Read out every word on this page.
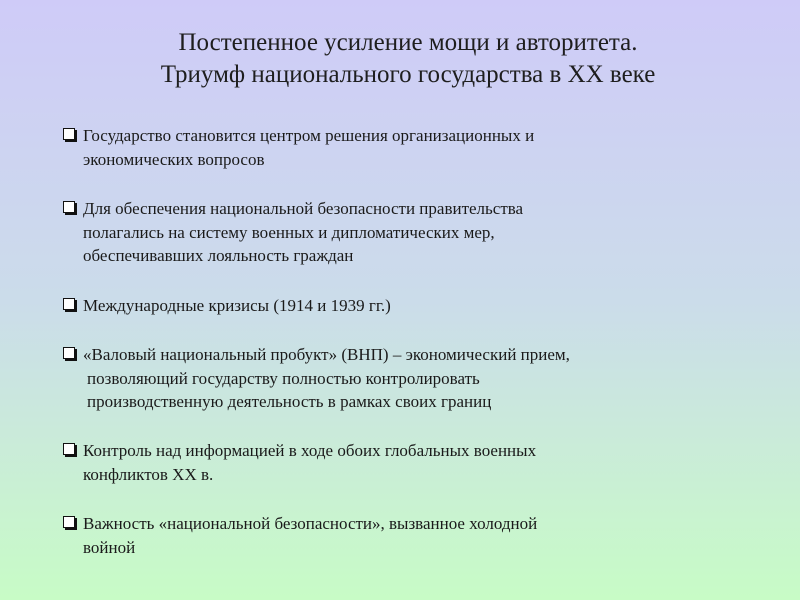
Постепенное усиление мощи и авторитета.
Триумф национального государства в ХХ веке
Государство становится центром решения организационных и
экономических вопросов
Для обеспечения национальной безопасности правительства
полагались на систему военных и дипломатических мер,
обеспечивавших лояльность граждан
Международные кризисы (1914 и 1939 гг.)
«Валовый национальный пробукт» (ВНП) – экономический прием,
позволяющий государству полностью контролировать
производственную деятельность в рамках своих границ
Контроль над информацией в ходе обоих глобальных военных
конфликтов ХХ в.
Важность «национальной безопасности», вызванное холодной
войной
